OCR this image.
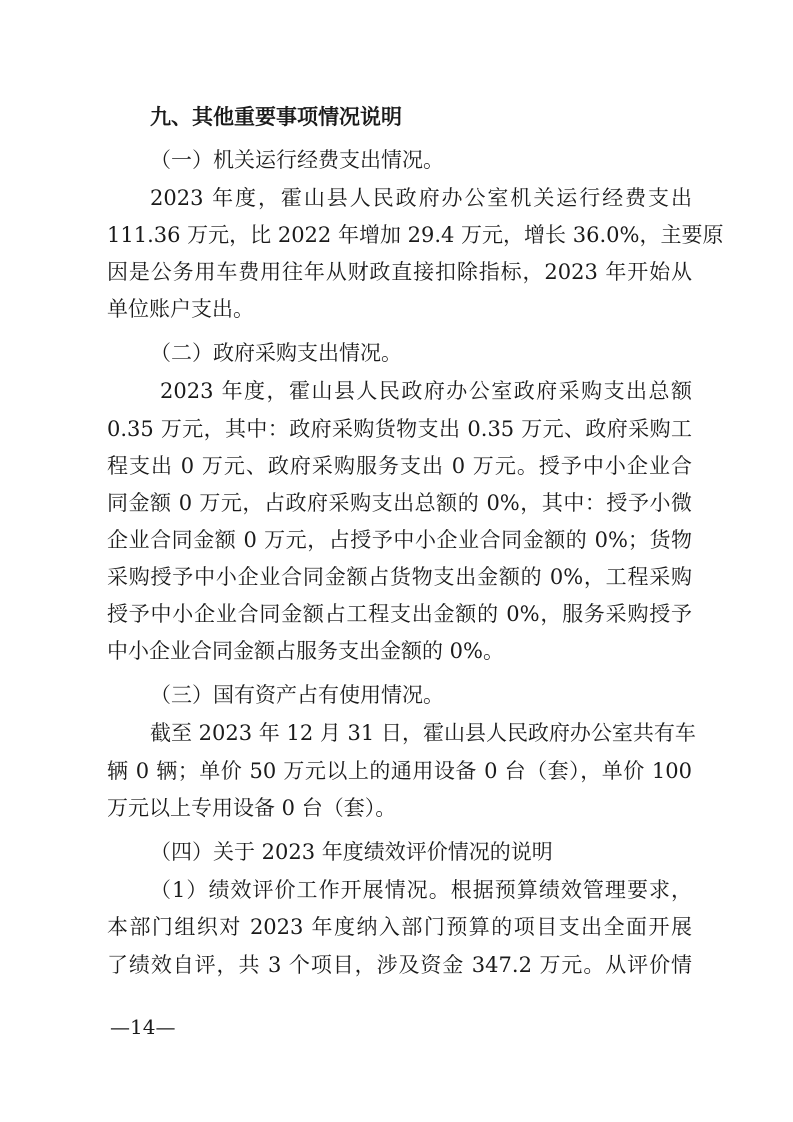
九、其他重要事项情况说明
（一）机关运行经费支出情况。
2023 年度，霍山县人民政府办公室机关运行经费支出
111.36 万元，比 2022 年增加 29.4 万元，增长 36.0%，主要原
因是公务用车费用往年从财政直接扣除指标，2023 年开始从
单位账户支出。
（二）政府采购支出情况。
2023 年度，霍山县人民政府办公室政府采购支出总额
0.35 万元，其中：政府采购货物支出 0.35 万元、政府采购工
程支出 0 万元、政府采购服务支出 0 万元。授予中小企业合
同金额 0 万元，占政府采购支出总额的 0%，其中：授予小微
企业合同金额 0 万元，占授予中小企业合同金额的 0%；货物
采购授予中小企业合同金额占货物支出金额的 0%，工程采购
授予中小企业合同金额占工程支出金额的 0%，服务采购授予
中小企业合同金额占服务支出金额的 0%。
（三）国有资产占有使用情况。
截至 2023 年 12 月 31 日，霍山县人民政府办公室共有车
辆 0 辆；单价 50 万元以上的通用设备 0 台（套），单价 100
万元以上专用设备 0 台（套）。
（四）关于 2023 年度绩效评价情况的说明
（1）绩效评价工作开展情况。根据预算绩效管理要求，
本部门组织对 2023 年度纳入部门预算的项目支出全面开展
了绩效自评，共 3 个项目，涉及资金 347.2 万元。从评价情
—14—
